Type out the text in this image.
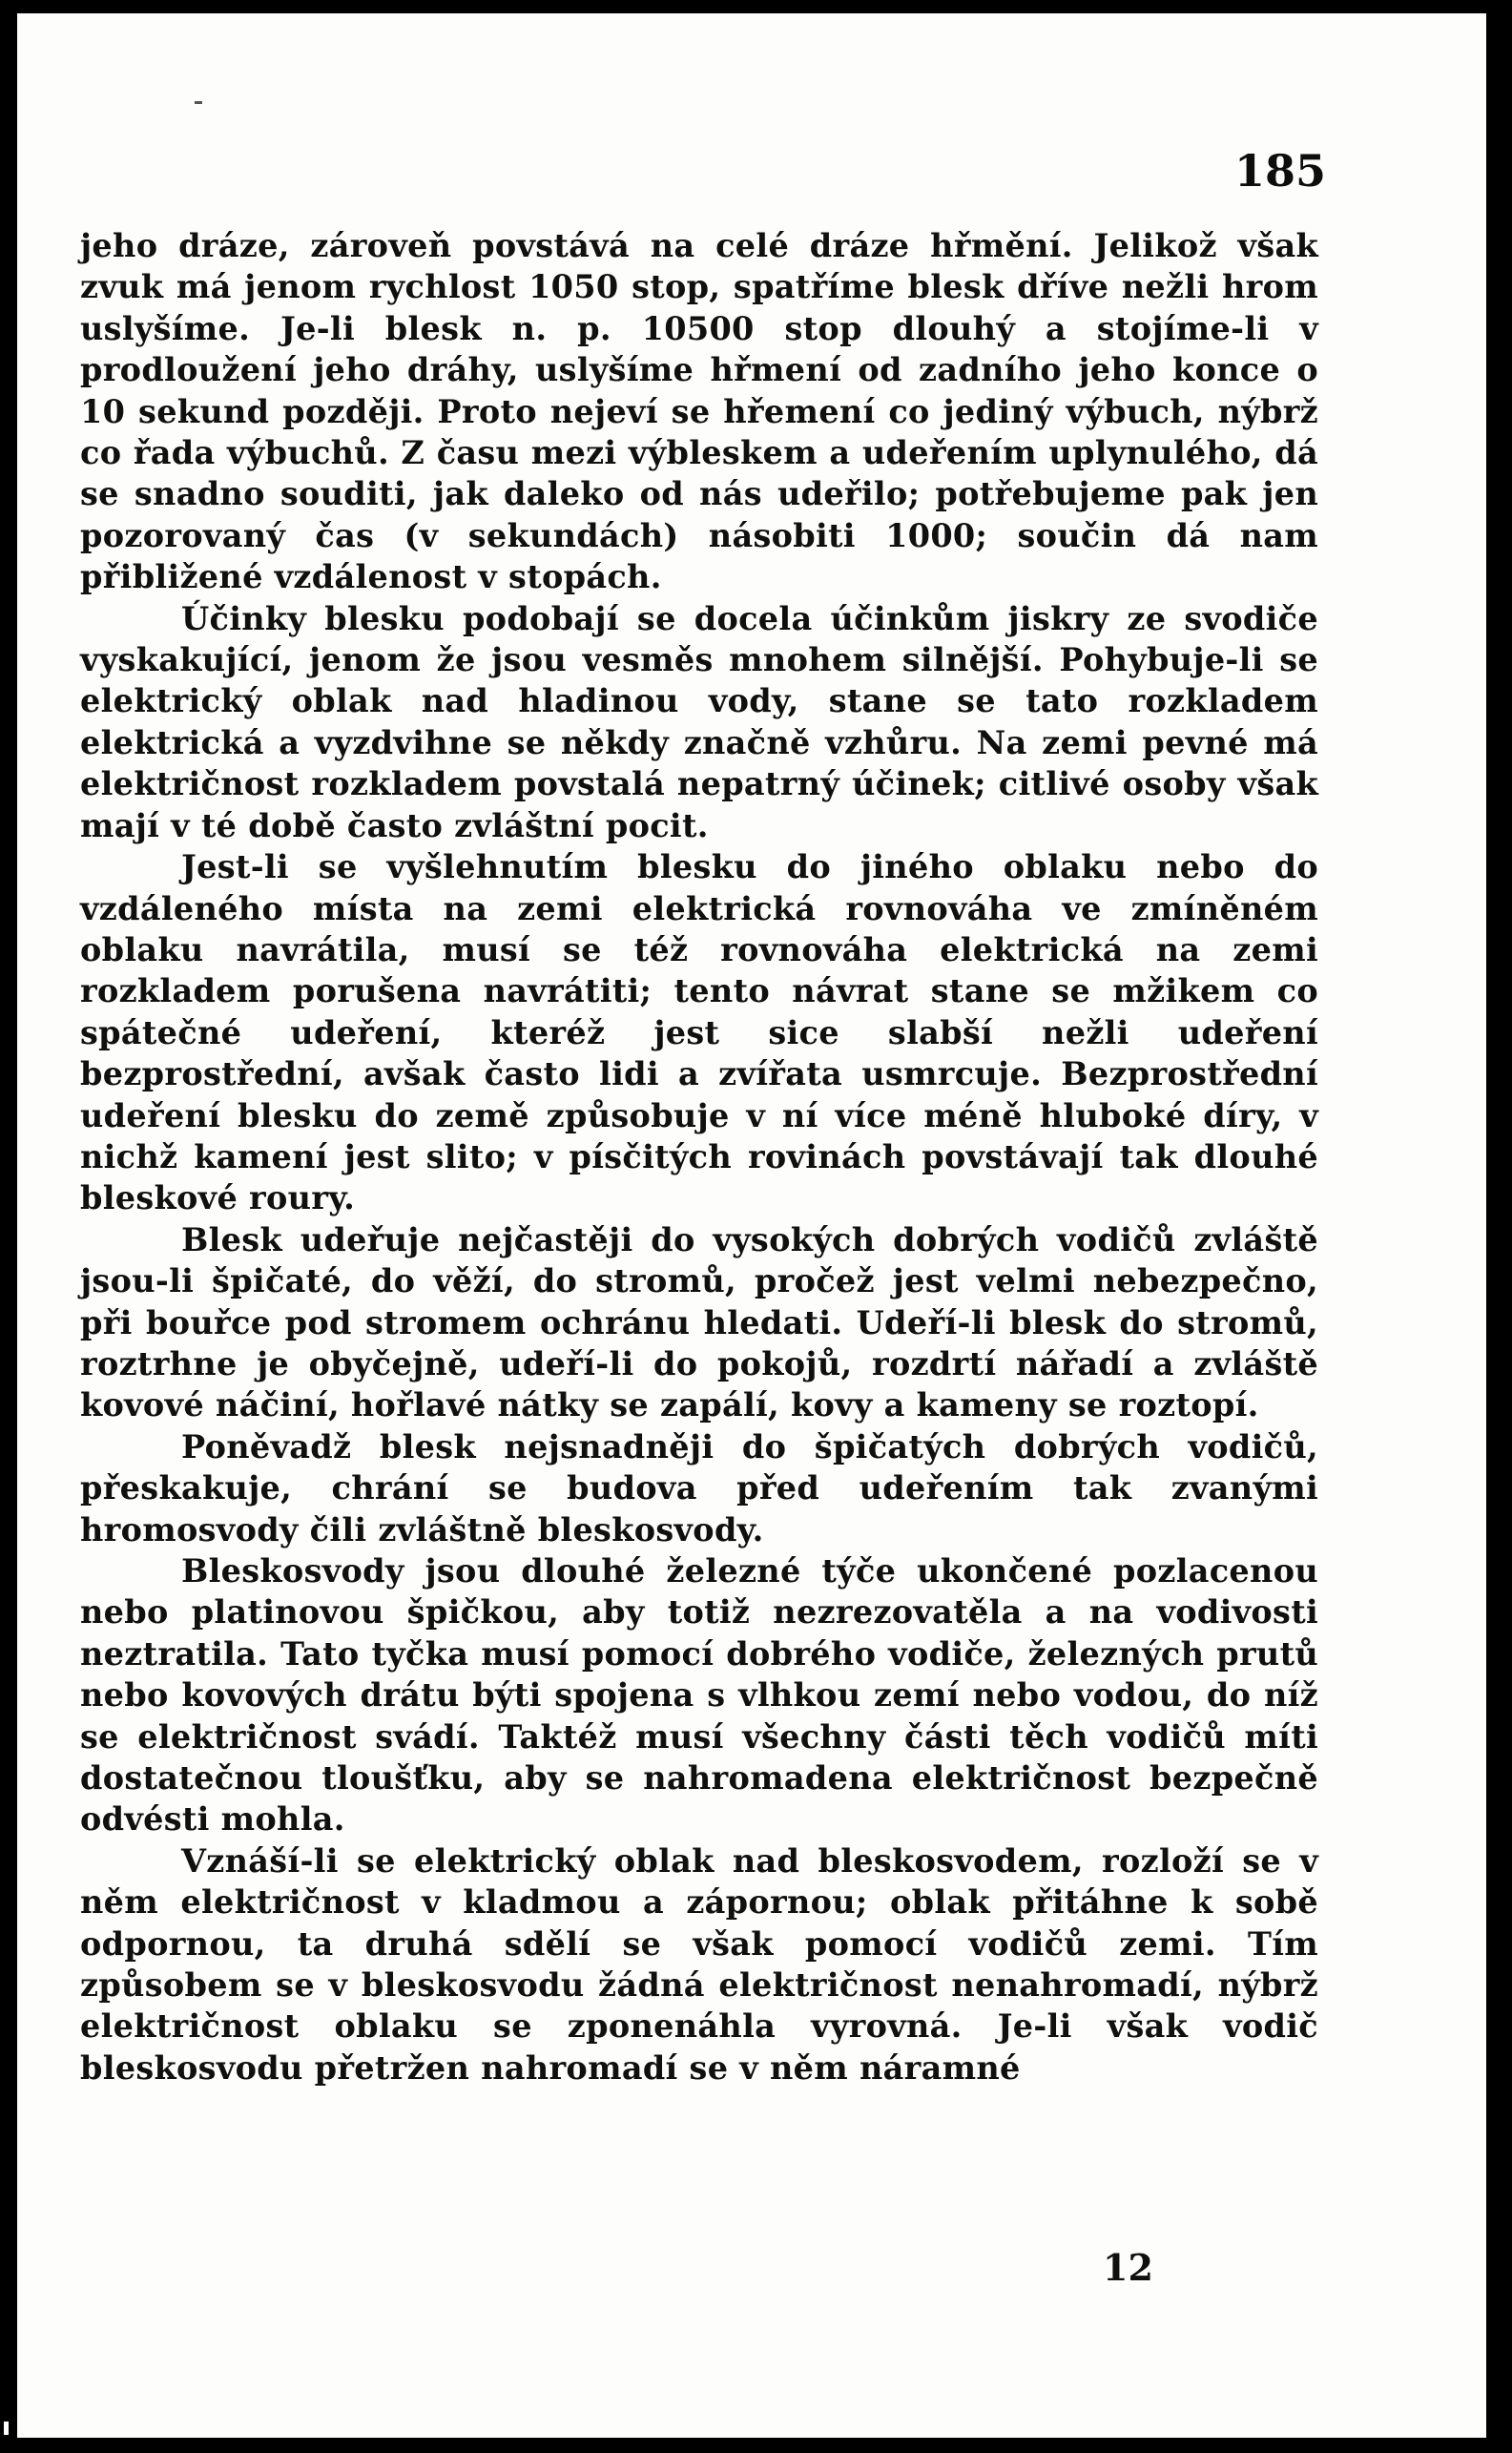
185

jeho dráze, zároveň povstává na celé dráze hřmění. Jelikož však zvuk má jenom rychlost 1050 stop, spatříme blesk dříve nežli hrom uslyšíme. Je-li blesk n. p. 10500 stop dlouhý a stojíme-li v prodloužení jeho dráhy, uslyšíme hřmení od zadního jeho konce o 10 sekund později. Proto nejeví se hřemení co jediný výbuch, nýbrž co řada výbuchů. Z času mezi výbleskem a udeřením uplynulého, dá se snadno souditi, jak daleko od nás udeřilo; potřebujeme pak jen pozorovaný čas (v sekundách) násobiti 1000; součin dá nam přibližené vzdálenost v stopách.

Účinky blesku podobají se docela účinkům jiskry ze svodiče vyskakující, jenom že jsou vesměs mnohem silnější. Pohybuje-li se elektrický oblak nad hladinou vody, stane se tato rozkladem elektrická a vyzdvihne se někdy značně vzhůru. Na zemi pevné má električnost rozkladem povstalá nepatrný účinek; citlivé osoby však mají v té době často zvláštní pocit.

Jest-li se vyšlehnutím blesku do jiného oblaku nebo do vzdáleného místa na zemi elektrická rovnováha ve zmíněném oblaku navrátila, musí se též rovnováha elektrická na zemi rozkladem porušena navrátiti; tento návrat stane se mžikem co spátečné udeření, kteréž jest sice slabší nežli udeření bezprostřední, avšak často lidi a zvířata usmrcuje. Bezprostřední udeření blesku do země způsobuje v ní více méně hluboké díry, v nichž kamení jest slito; v písčitých rovinách povstávají tak dlouhé bleskové roury.

Blesk udeřuje nejčastěji do vysokých dobrých vodičů zvláště jsou-li špičaté, do věží, do stromů, pročež jest velmi nebezpečno, při bouřce pod stromem ochránu hledati. Udeří-li blesk do stromů, roztrhne je obyčejně, udeří-li do pokojů, rozdrtí nářadí a zvláště kovové náčiní, hořlavé nátky se zapálí, kovy a kameny se roztopí.

Poněvadž blesk nejsnadněji do špičatých dobrých vodičů, přeskakuje, chrání se budova před udeřením tak zvanými hromosvody čili zvláštně bleskosvody.

Bleskosvody jsou dlouhé železné týče ukončené pozlacenou nebo platinovou špičkou, aby totiž nezrezovatěla a na vodivosti neztratila. Tato tyčka musí pomocí dobrého vodiče, železných prutů nebo kovových drátu býti spojena s vlhkou zemí nebo vodou, do níž se električnost svádí. Taktéž musí všechny části těch vodičů míti dostatečnou tloušťku, aby se nahromadena električnost bezpečně odvésti mohla.

Vznáší-li se elektrický oblak nad bleskosvodem, rozloží se v něm električnost v kladmou a zápornou; oblak přitáhne k sobě odpornou, ta druhá sdělí se však pomocí vodičů zemi. Tím způsobem se v bleskosvodu žádná električnost nenahromadí, nýbrž električnost oblaku se zponenáhla vyrovná. Je-li však vodič bleskosvodu přetržen nahromadí se v něm náramné

12
